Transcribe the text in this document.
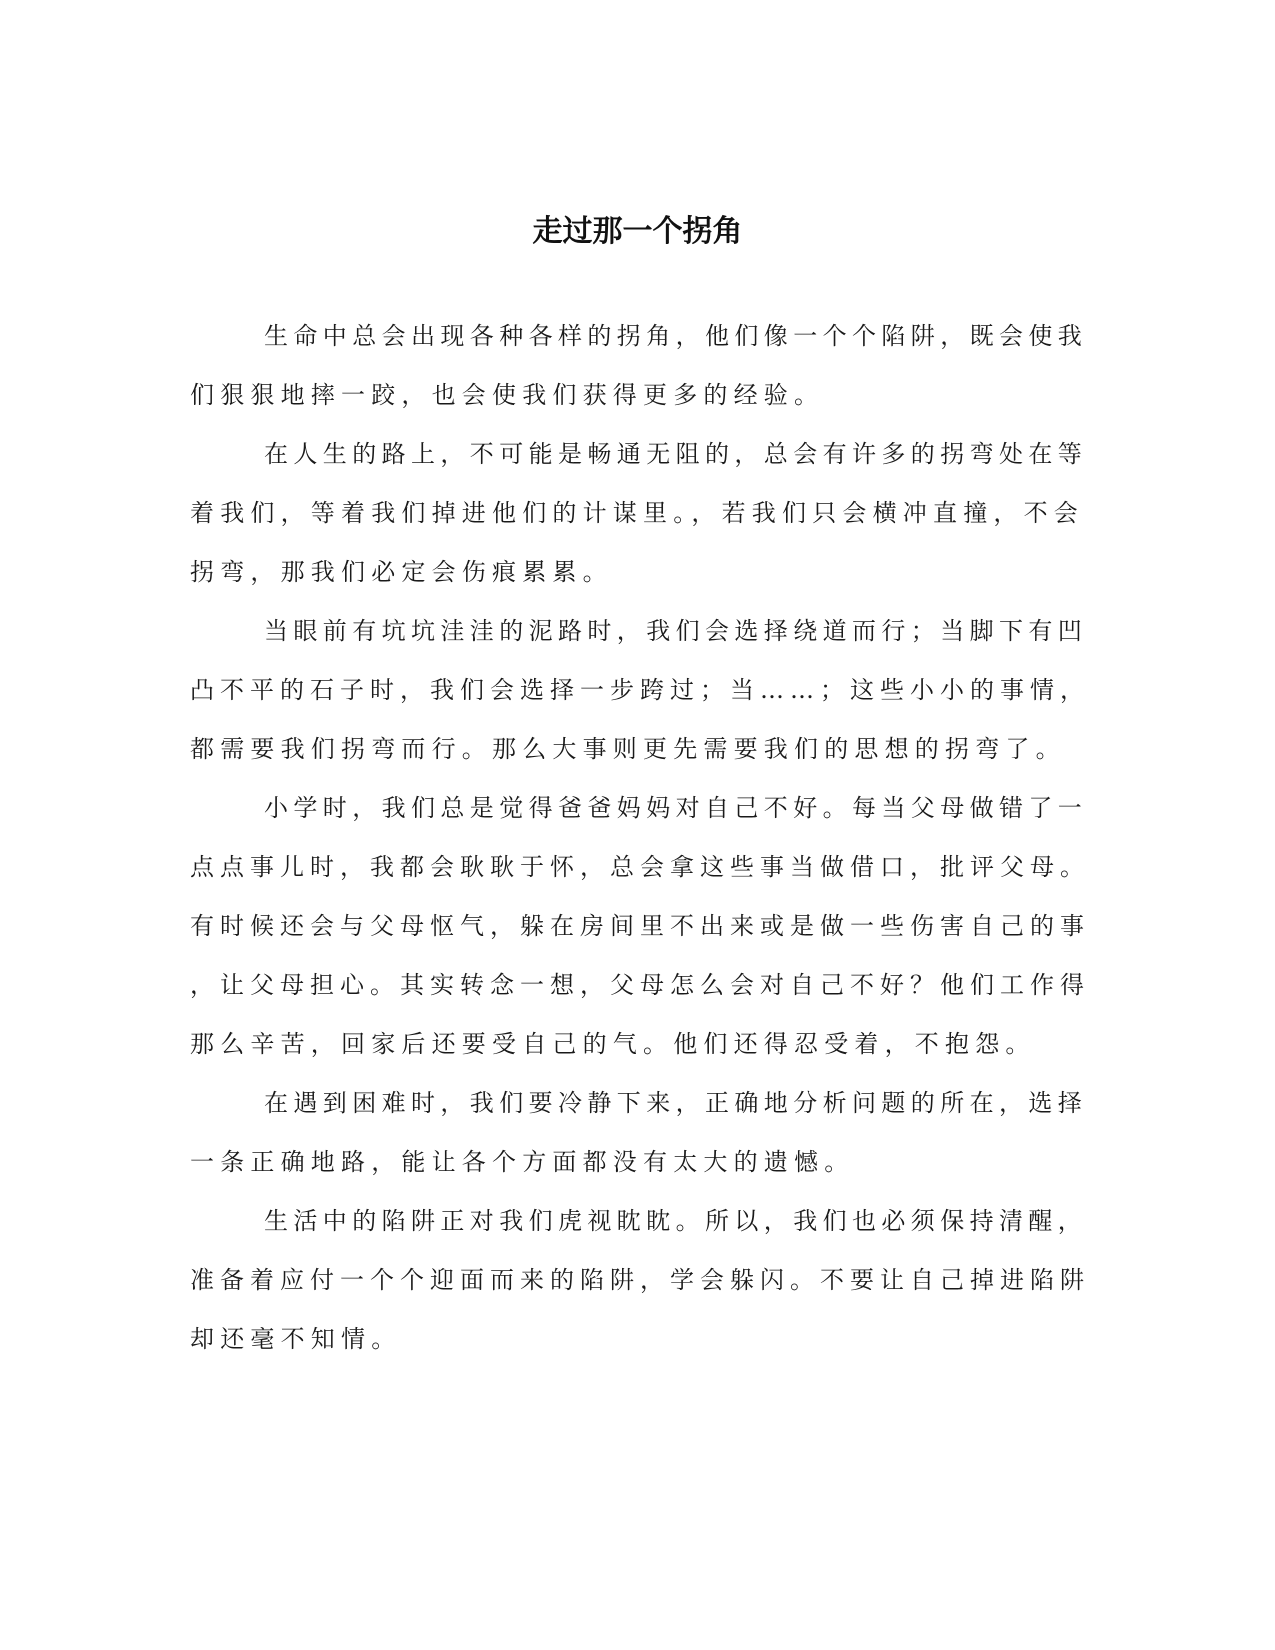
走过那一个拐角

生命中总会出现各种各样的拐角，他们像一个个陷阱，既会使我

们狠狠地摔一跤，也会使我们获得更多的经验。

在人生的路上，不可能是畅通无阻的，总会有许多的拐弯处在等

着我们，等着我们掉进他们的计谋里。，若我们只会横冲直撞，不会

拐弯，那我们必定会伤痕累累。

当眼前有坑坑洼洼的泥路时，我们会选择绕道而行；当脚下有凹

凸不平的石子时，我们会选择一步跨过；当……；这些小小的事情，

都需要我们拐弯而行。那么大事则更先需要我们的思想的拐弯了。

小学时，我们总是觉得爸爸妈妈对自己不好。每当父母做错了一

点点事儿时，我都会耿耿于怀，总会拿这些事当做借口，批评父母。

有时候还会与父母怄气，躲在房间里不出来或是做一些伤害自己的事

，让父母担心。其实转念一想，父母怎么会对自己不好？他们工作得

那么辛苦，回家后还要受自己的气。他们还得忍受着，不抱怨。

在遇到困难时，我们要冷静下来，正确地分析问题的所在，选择

一条正确地路，能让各个方面都没有太大的遗憾。

生活中的陷阱正对我们虎视眈眈。所以，我们也必须保持清醒，

准备着应付一个个迎面而来的陷阱，学会躲闪。不要让自己掉进陷阱

却还毫不知情。
